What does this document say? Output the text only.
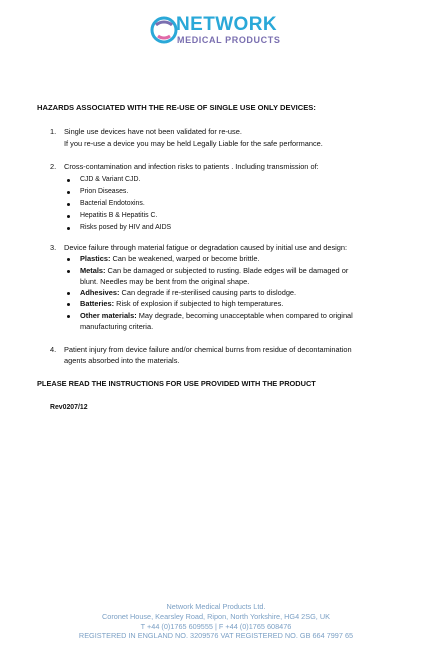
NETWORK
MEDICAL PRODUCTS
HAZARDS ASSOCIATED WITH THE RE-USE OF SINGLE USE ONLY DEVICES:
1. Single use devices have not been validated for re-use.
If you re-use a device you may be held Legally Liable for the safe performance.
2. Cross-contamination and infection risks to patients . Including transmission of:
CJD & Variant CJD.
Prion Diseases.
Bacterial Endotoxins.
Hepatitis B & Hepatitis C.
Risks posed by HIV and AIDS
3. Device failure through material fatigue or degradation caused by initial use and design:
Plastics: Can be weakened, warped or become brittle.
Metals: Can be damaged or subjected to rusting. Blade edges will be damaged or
blunt. Needles may be bent from the original shape.
Adhesives: Can degrade if re-sterilised causing parts to dislodge.
Batteries: Risk of explosion if subjected to high temperatures.
Other materials: May degrade, becoming unacceptable when compared to original
manufacturing criteria.
4. Patient injury from device failure and/or chemical burns from residue of decontamination
agents absorbed into the materials.
PLEASE READ THE INSTRUCTIONS FOR USE PROVIDED WITH THE PRODUCT
Rev0207/12
Network Medical Products Ltd.
Coronet House, Kearsley Road, Ripon, North Yorkshire, HG4 2SG, UK
T +44 (0)1765 609555 | F +44 (0)1765 608476
REGISTERED IN ENGLAND NO. 3209576 VAT REGISTERED NO. GB 664 7997 65
